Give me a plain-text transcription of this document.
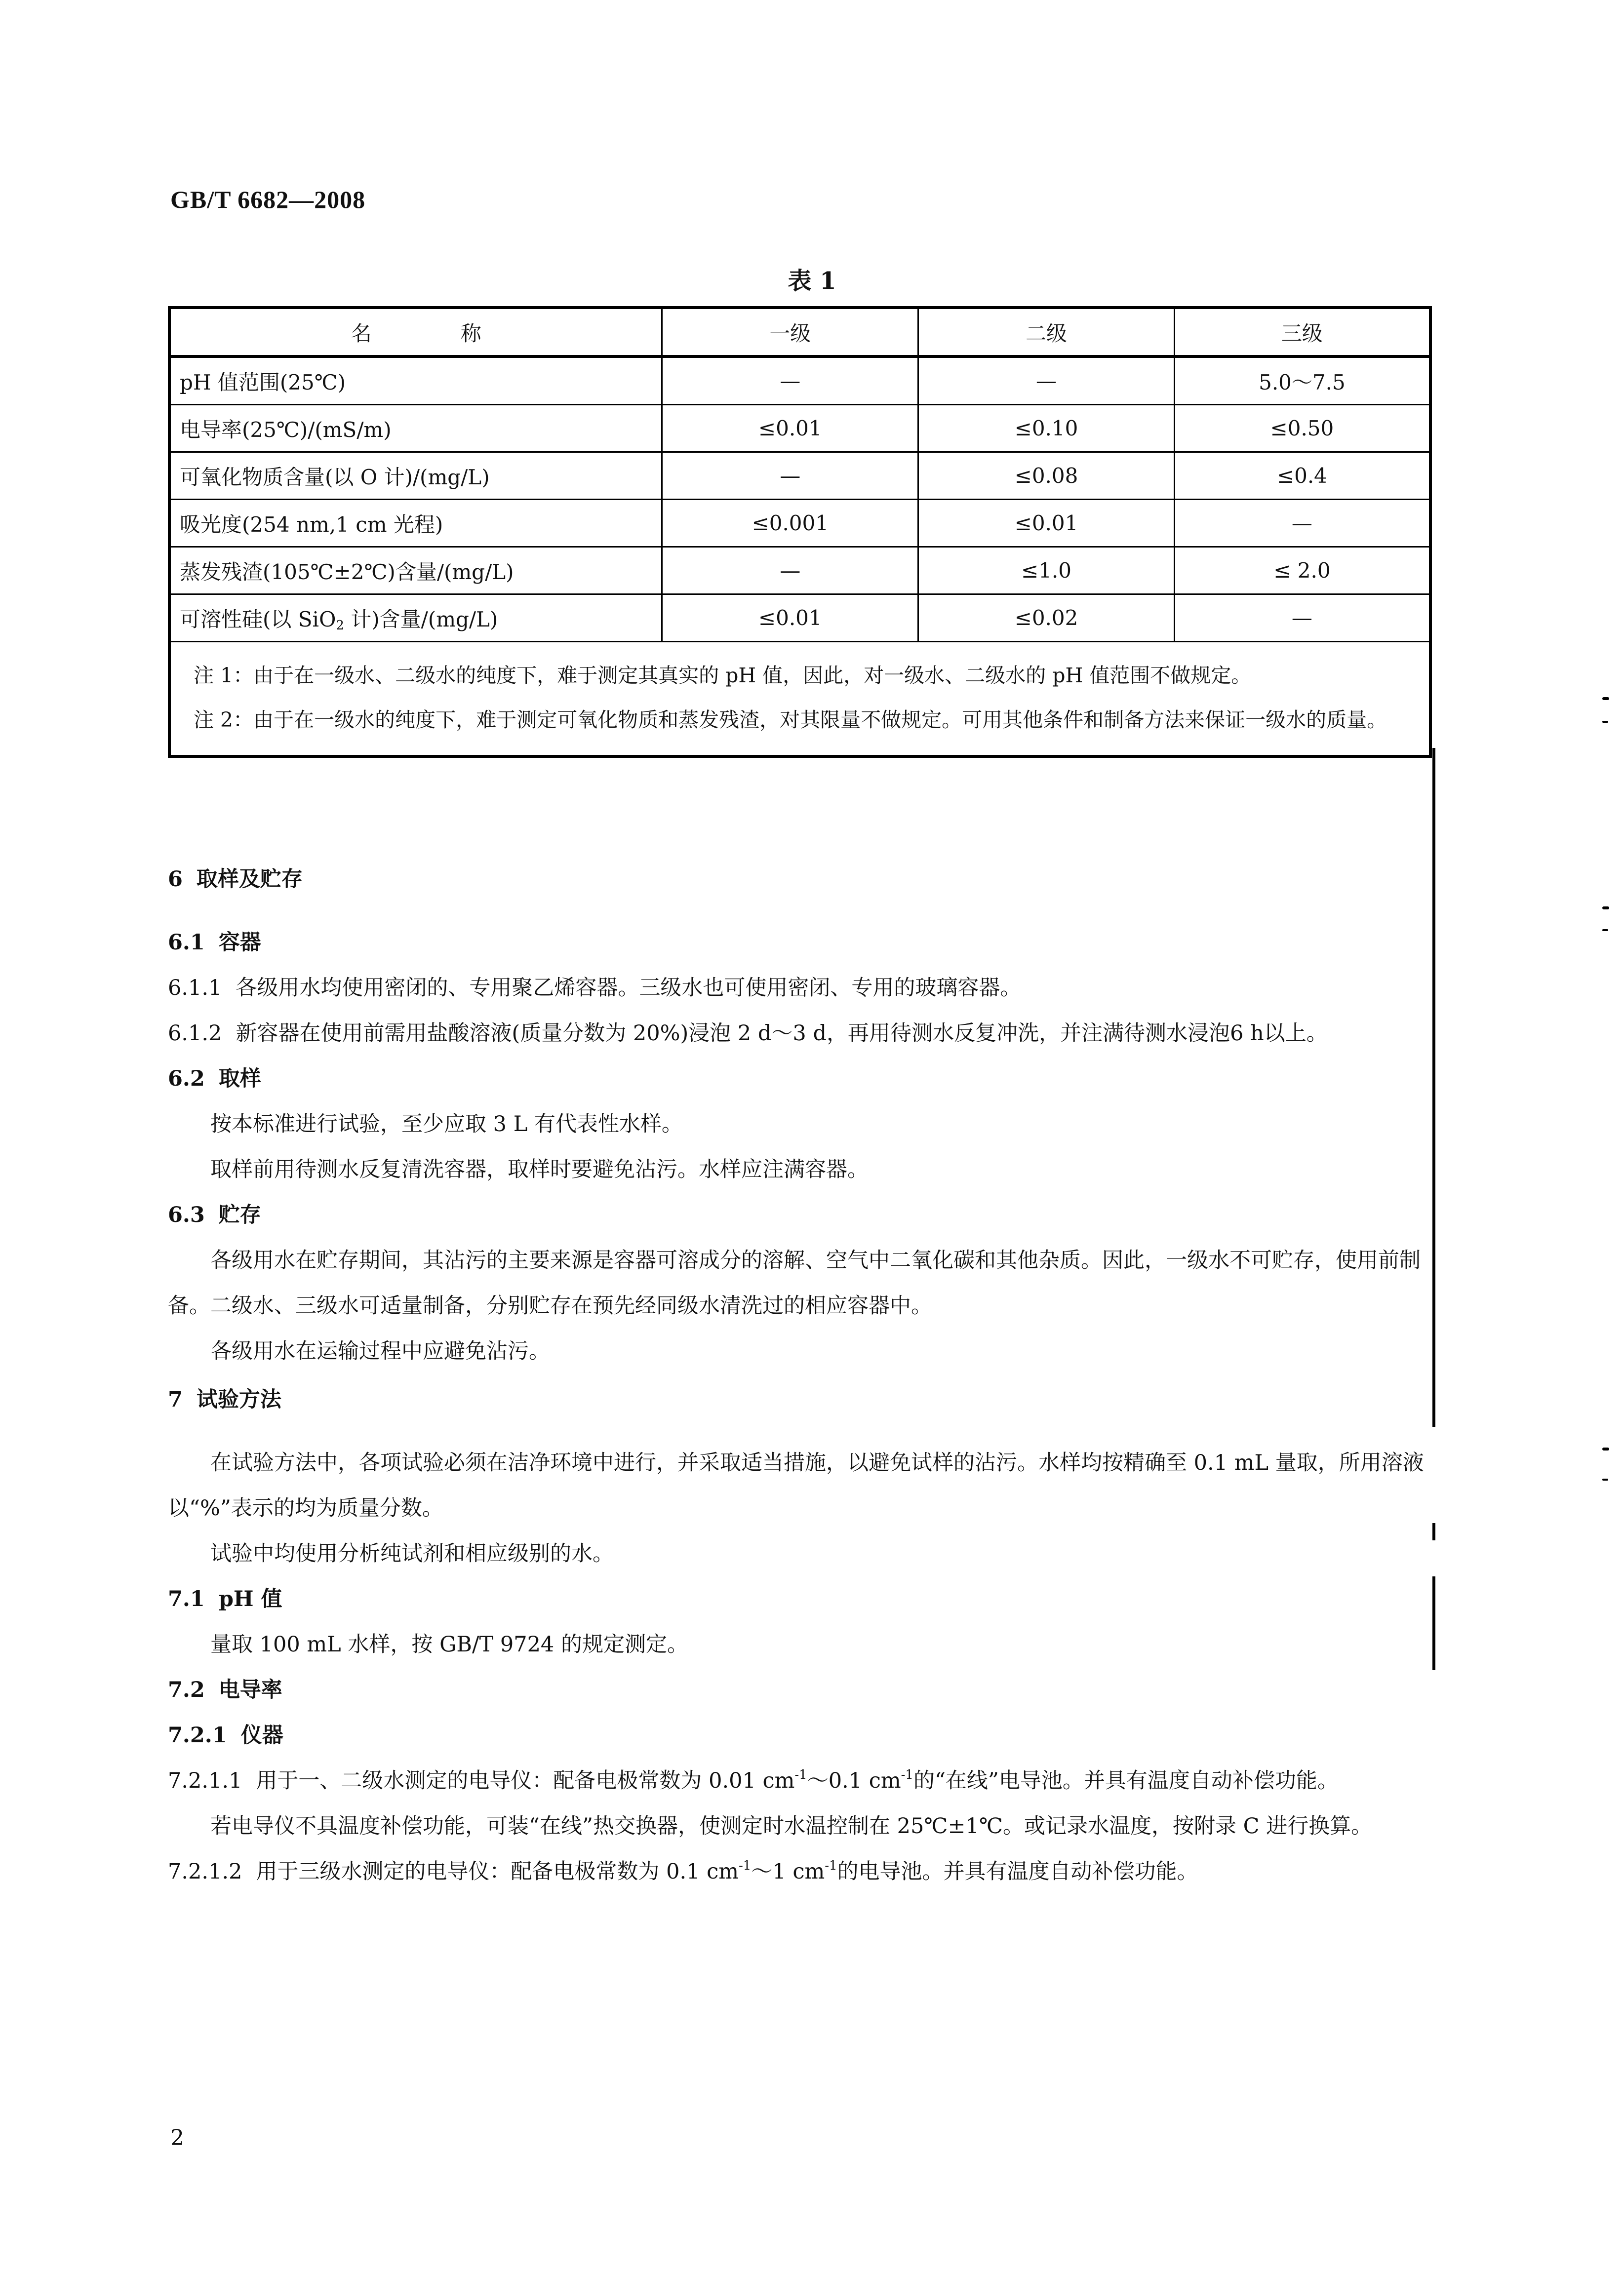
GB/T 6682—2008
表 1
名称	一级	二级	三级
pH 值范围(25℃)	—	—	5.0～7.5
电导率(25℃)/(mS/m)	≤0.01	≤0.10	≤0.50
可氧化物质含量(以 O 计)/(mg/L)	—	≤0.08	≤0.4
吸光度(254 nm,1 cm 光程)	≤0.001	≤0.01	—
蒸发残渣(105℃±2℃)含量/(mg/L)	—	≤1.0	≤ 2.0
可溶性硅(以 SiO$_2$ 计)含量/(mg/L)	≤0.01	≤0.02	—

注 1：由于在一级水、二级水的纯度下，难于测定其真实的 pH 值，因此，对一级水、二级水的 pH 值范围不做规定。

注 2：由于在一级水的纯度下，难于测定可氧化物质和蒸发残渣，对其限量不做规定。可用其他条件和制备方法来保证一级水的质量。			

6 取样及贮存

6.1 容器

6.1.1 各级用水均使用密闭的、专用聚乙烯容器。三级水也可使用密闭、专用的玻璃容器。

6.1.2 新容器在使用前需用盐酸溶液(质量分数为 20%)浸泡 2 d～3 d，再用待测水反复冲洗，并注满待测水浸泡6 h以上。

6.2 取样

按本标准进行试验，至少应取 3 L 有代表性水样。

取样前用待测水反复清洗容器，取样时要避免沾污。水样应注满容器。

6.3 贮存

各级用水在贮存期间，其沾污的主要来源是容器可溶成分的溶解、空气中二氧化碳和其他杂质。因此，一级水不可贮存，使用前制备。二级水、三级水可适量制备，分别贮存在预先经同级水清洗过的相应容器中。

各级用水在运输过程中应避免沾污。

7 试验方法

在试验方法中，各项试验必须在洁净环境中进行，并采取适当措施，以避免试样的沾污。水样均按精确至 0.1 mL 量取，所用溶液以“%”表示的均为质量分数。

试验中均使用分析纯试剂和相应级别的水。

7.1 pH 值

量取 100 mL 水样，按 GB/T 9724 的规定测定。

7.2 电导率

7.2.1 仪器

7.2.1.1 用于一、二级水测定的电导仪：配备电极常数为 0.01 $cm^{-1}\sim 0.1$ $cm^{-1}$的“在线”电导池。并具有温度自动补偿功能。

若电导仪不具温度补偿功能，可装“在线”热交换器，使测定时水温控制在 25℃±1℃。或记录水温度，按附录 C 进行换算。

7.2.1.2 用于三级水测定的电导仪：配备电极常数为 0.1 $cm^{-1}\sim 1$ $cm^{-1}$的电导池。并具有温度自动补偿功能。

2
